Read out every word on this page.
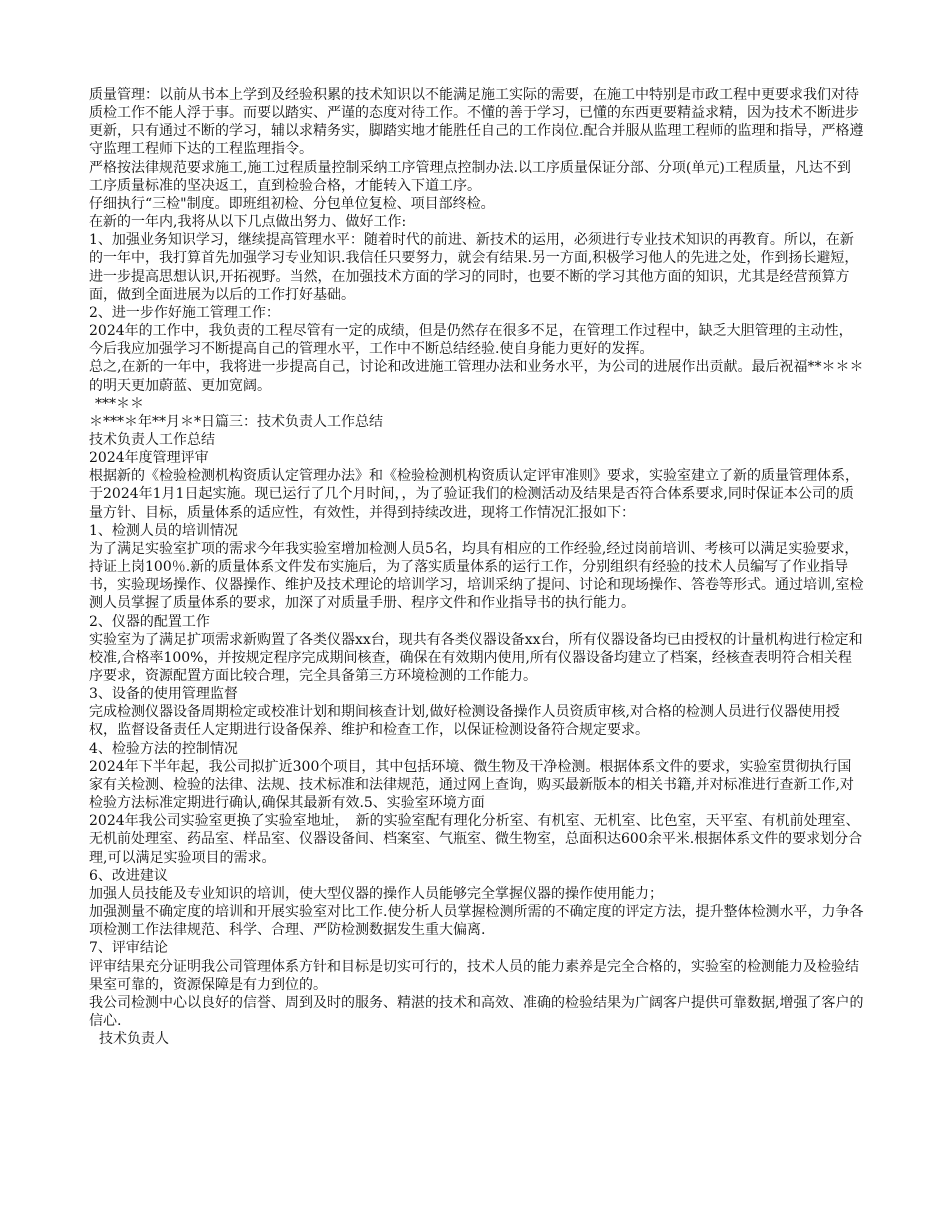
质量管理：以前从书本上学到及经验积累的技术知识以不能满足施工实际的需要，在施工中特别是市政工程中更要求我们对待质检工作不能人浮于事。而要以踏实、严谨的态度对待工作。不懂的善于学习，已懂的东西更要精益求精，因为技术不断进步更新，只有通过不断的学习，辅以求精务实，脚踏实地才能胜任自己的工作岗位.配合并服从监理工程师的监理和指导，严格遵守监理工程师下达的工程监理指令。

严格按法律规范要求施工,施工过程质量控制采纳工序管理点控制办法.以工序质量保证分部、分项(单元)工程质量，凡达不到工序质量标准的坚决返工，直到检验合格，才能转入下道工序。

仔细执行“三检"制度。即班组初检、分包单位复检、项目部终检。

在新的一年内,我将从以下几点做出努力、做好工作:

1、加强业务知识学习，继续提高管理水平：随着时代的前进、新技术的运用，必须进行专业技术知识的再教育。所以，在新的一年中，我打算首先加强学习专业知识.我信任只要努力，就会有结果.另一方面,积极学习他人的先进之处，作到扬长避短，进一步提高思想认识,开拓视野。当然，在加强技术方面的学习的同时，也要不断的学习其他方面的知识，尤其是经营预算方面，做到全面进展为以后的工作打好基础。

2、进一步作好施工管理工作：

2024年的工作中，我负责的工程尽管有一定的成绩，但是仍然存在很多不足，在管理工作过程中，缺乏大胆管理的主动性，今后我应加强学习不断提高自己的管理水平，工作中不断总结经验.使自身能力更好的发挥。

总之,在新的一年中，我将进一步提高自己，讨论和改进施工管理办法和业务水平，为公司的进展作出贡献。最后祝福**＊＊＊的明天更加蔚蓝、更加宽阔。

***＊＊

＊***＊年**月＊*日篇三：技术负责人工作总结

技术负责人工作总结

2024年度管理评审

根据新的《检验检测机构资质认定管理办法》和《检验检测机构资质认定评审准则》要求，实验室建立了新的质量管理体系，于2024年1月1日起实施。现已运行了几个月时间，，为了验证我们的检测活动及结果是否符合体系要求,同时保证本公司的质量方针、目标，质量体系的适应性，有效性，并得到持续改进，现将工作情况汇报如下：

1、检测人员的培训情况

为了满足实验室扩项的需求今年我实验室增加检测人员5名，均具有相应的工作经验,经过岗前培训、考核可以满足实验要求，持证上岗100％.新的质量体系文件发布实施后，为了落实质量体系的运行工作，分别组织有经验的技术人员编写了作业指导书，实验现场操作、仪器操作、维护及技术理论的培训学习，培训采纳了提问、讨论和现场操作、答卷等形式。通过培训,室检测人员掌握了质量体系的要求，加深了对质量手册、程序文件和作业指导书的执行能力。

2、仪器的配置工作

实验室为了满足扩项需求新购置了各类仪器xx台，现共有各类仪器设备xx台，所有仪器设备均已由授权的计量机构进行检定和校准,合格率100%，并按规定程序完成期间核查，确保在有效期内使用,所有仪器设备均建立了档案，经核查表明符合相关程序要求，资源配置方面比较合理，完全具备第三方环境检测的工作能力。

3、设备的使用管理监督

完成检测仪器设备周期检定或校准计划和期间核查计划,做好检测设备操作人员资质审核,对合格的检测人员进行仪器使用授权，监督设备责任人定期进行设备保养、维护和检查工作，以保证检测设备符合规定要求。

4、检验方法的控制情况

2024年下半年起，我公司拟扩近300个项目，其中包括环境、微生物及干净检测。根据体系文件的要求，实验室贯彻执行国家有关检测、检验的法律、法规、技术标准和法律规范，通过网上查询，购买最新版本的相关书籍,并对标准进行查新工作,对检验方法标准定期进行确认,确保其最新有效.5、实验室环境方面

2024年我公司实验室更换了实验室地址，　新的实验室配有理化分析室、有机室、无机室、比色室，天平室、有机前处理室、无机前处理室、药品室、样品室、仪器设备间、档案室、气瓶室、微生物室，总面积达600余平米.根据体系文件的要求划分合理,可以满足实验项目的需求。

6、改进建议

加强人员技能及专业知识的培训，使大型仪器的操作人员能够完全掌握仪器的操作使用能力；

加强测量不确定度的培训和开展实验室对比工作.使分析人员掌握检测所需的不确定度的评定方法，提升整体检测水平，力争各项检测工作法律规范、科学、合理、严防检测数据发生重大偏离.

7、评审结论

评审结果充分证明我公司管理体系方针和目标是切实可行的，技术人员的能力素养是完全合格的，实验室的检测能力及检验结果室可靠的，资源保障是有力到位的。

我公司检测中心以良好的信誉、周到及时的服务、精湛的技术和高效、准确的检验结果为广阔客户提供可靠数据,增强了客户的信心.

技术负责人
